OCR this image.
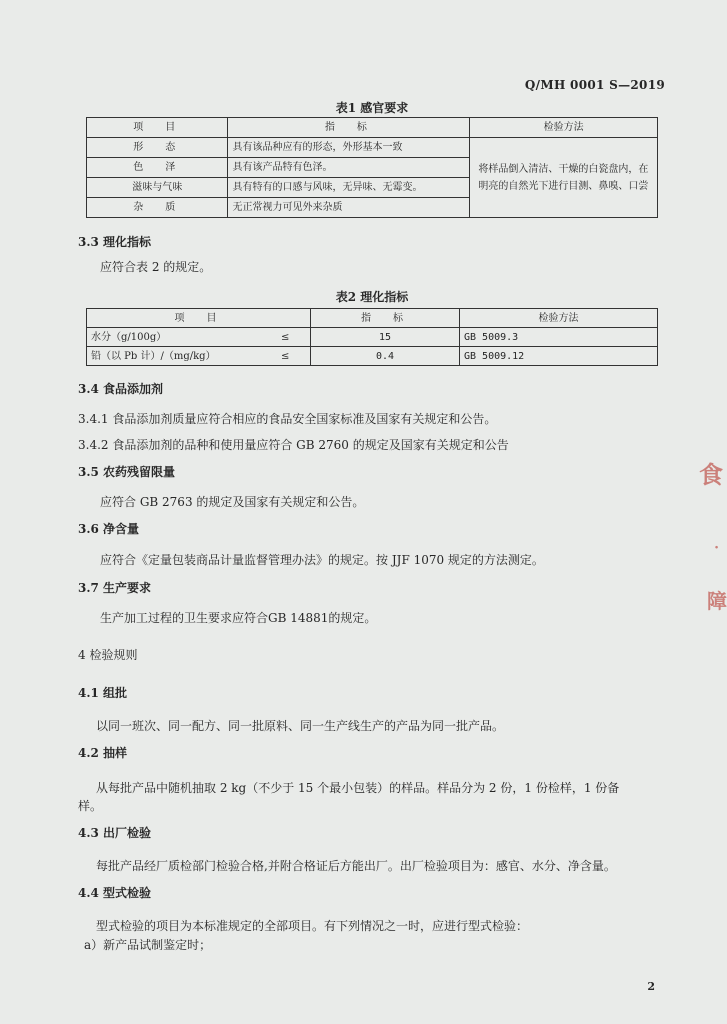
Q/MH 0001 S—2019
表1 感官要求
项　目	指　标	检验方法
形　态	具有该品种应有的形态，外形基本一致	将样品倒入清洁、干燥的白瓷盘内，在明亮的自然光下进行目测、鼻嗅、口尝
色　泽	具有该产品特有色泽。	
滋味与气味	具有特有的口感与风味，无异味、无霉变。	
杂　质	无正常视力可见外来杂质	
3.3 理化指标
应符合表 2 的规定。
表2 理化指标
项　目		指　标	检验方法
水分（g/100g）	≤	15	GB 5009.3
铅（以 Pb 计）/（mg/kg）	≤	0.4	GB 5009.12
3.4 食品添加剂
3.4.1 食品添加剂质量应符合相应的食品安全国家标准及国家有关规定和公告。
3.4.2 食品添加剂的品种和使用量应符合 GB 2760 的规定及国家有关规定和公告
3.5 农药残留限量
应符合 GB 2763 的规定及国家有关规定和公告。
3.6 净含量
应符合《定量包装商品计量监督管理办法》的规定。按 JJF 1070 规定的方法测定。
3.7 生产要求
生产加工过程的卫生要求应符合GB 14881的规定。
4 检验规则
4.1 组批
以同一班次、同一配方、同一批原料、同一生产线生产的产品为同一批产品。
4.2 抽样
从每批产品中随机抽取 2 kg（不少于 15 个最小包装）的样品。样品分为 2 份，1 份检样，1 份备
样。
4.3 出厂检验
每批产品经厂质检部门检验合格,并附合格证后方能出厂。出厂检验项目为：感官、水分、净含量。
4.4 型式检验
型式检验的项目为本标准规定的全部项目。有下列情况之一时，应进行型式检验：
a）新产品试制鉴定时；
2
食
·
障
